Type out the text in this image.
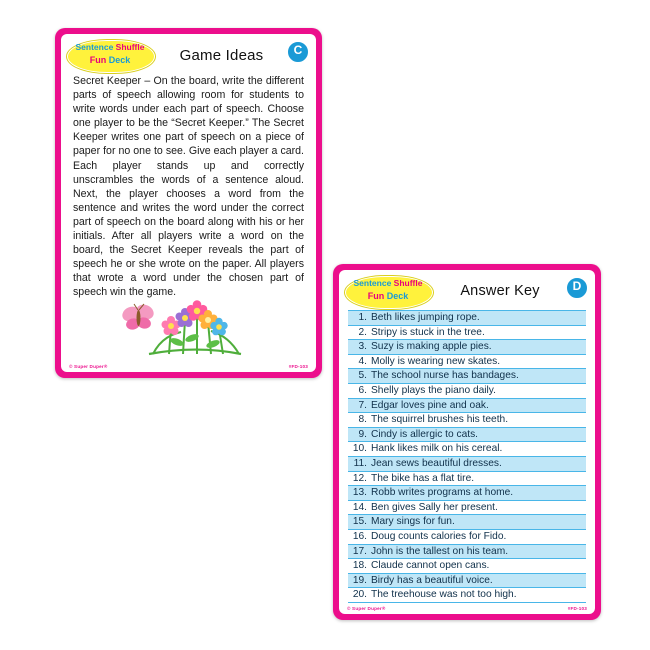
Sentence Shuffle
Fun Deck	Game Ideas	C
Secret Keeper – On the board, write the different parts of speech allowing room for students to write words under each part of speech. Choose one player to be the “Secret Keeper.” The Secret Keeper writes one part of speech on a piece of paper for no one to see. Give each player a card. Each player stands up and correctly unscrambles the words of a sentence aloud. Next, the player chooses a word from the sentence and writes the word under the correct part of speech on the board along with his or her initials. After all players write a word on the board, the Secret Keeper reveals the part of speech he or she wrote on the paper. All players that wrote a word under the chosen part of speech win the game.
© Super Duper®	#FD-103
Sentence Shuffle
Fun Deck	Answer Key	D
1. Beth likes jumping rope.
2. Stripy is stuck in the tree.
3. Suzy is making apple pies.
4. Molly is wearing new skates.
5. The school nurse has bandages.
6. Shelly plays the piano daily.
7. Edgar loves pine and oak.
8. The squirrel brushes his teeth.
9. Cindy is allergic to cats.
10. Hank likes milk on his cereal.
11. Jean sews beautiful dresses.
12. The bike has a flat tire.
13. Robb writes programs at home.
14. Ben gives Sally her present.
15. Mary sings for fun.
16. Doug counts calories for Fido.
17. John is the tallest on his team.
18. Claude cannot open cans.
19. Birdy has a beautiful voice.
20. The treehouse was not too high.
© Super Duper®	#FD-103
